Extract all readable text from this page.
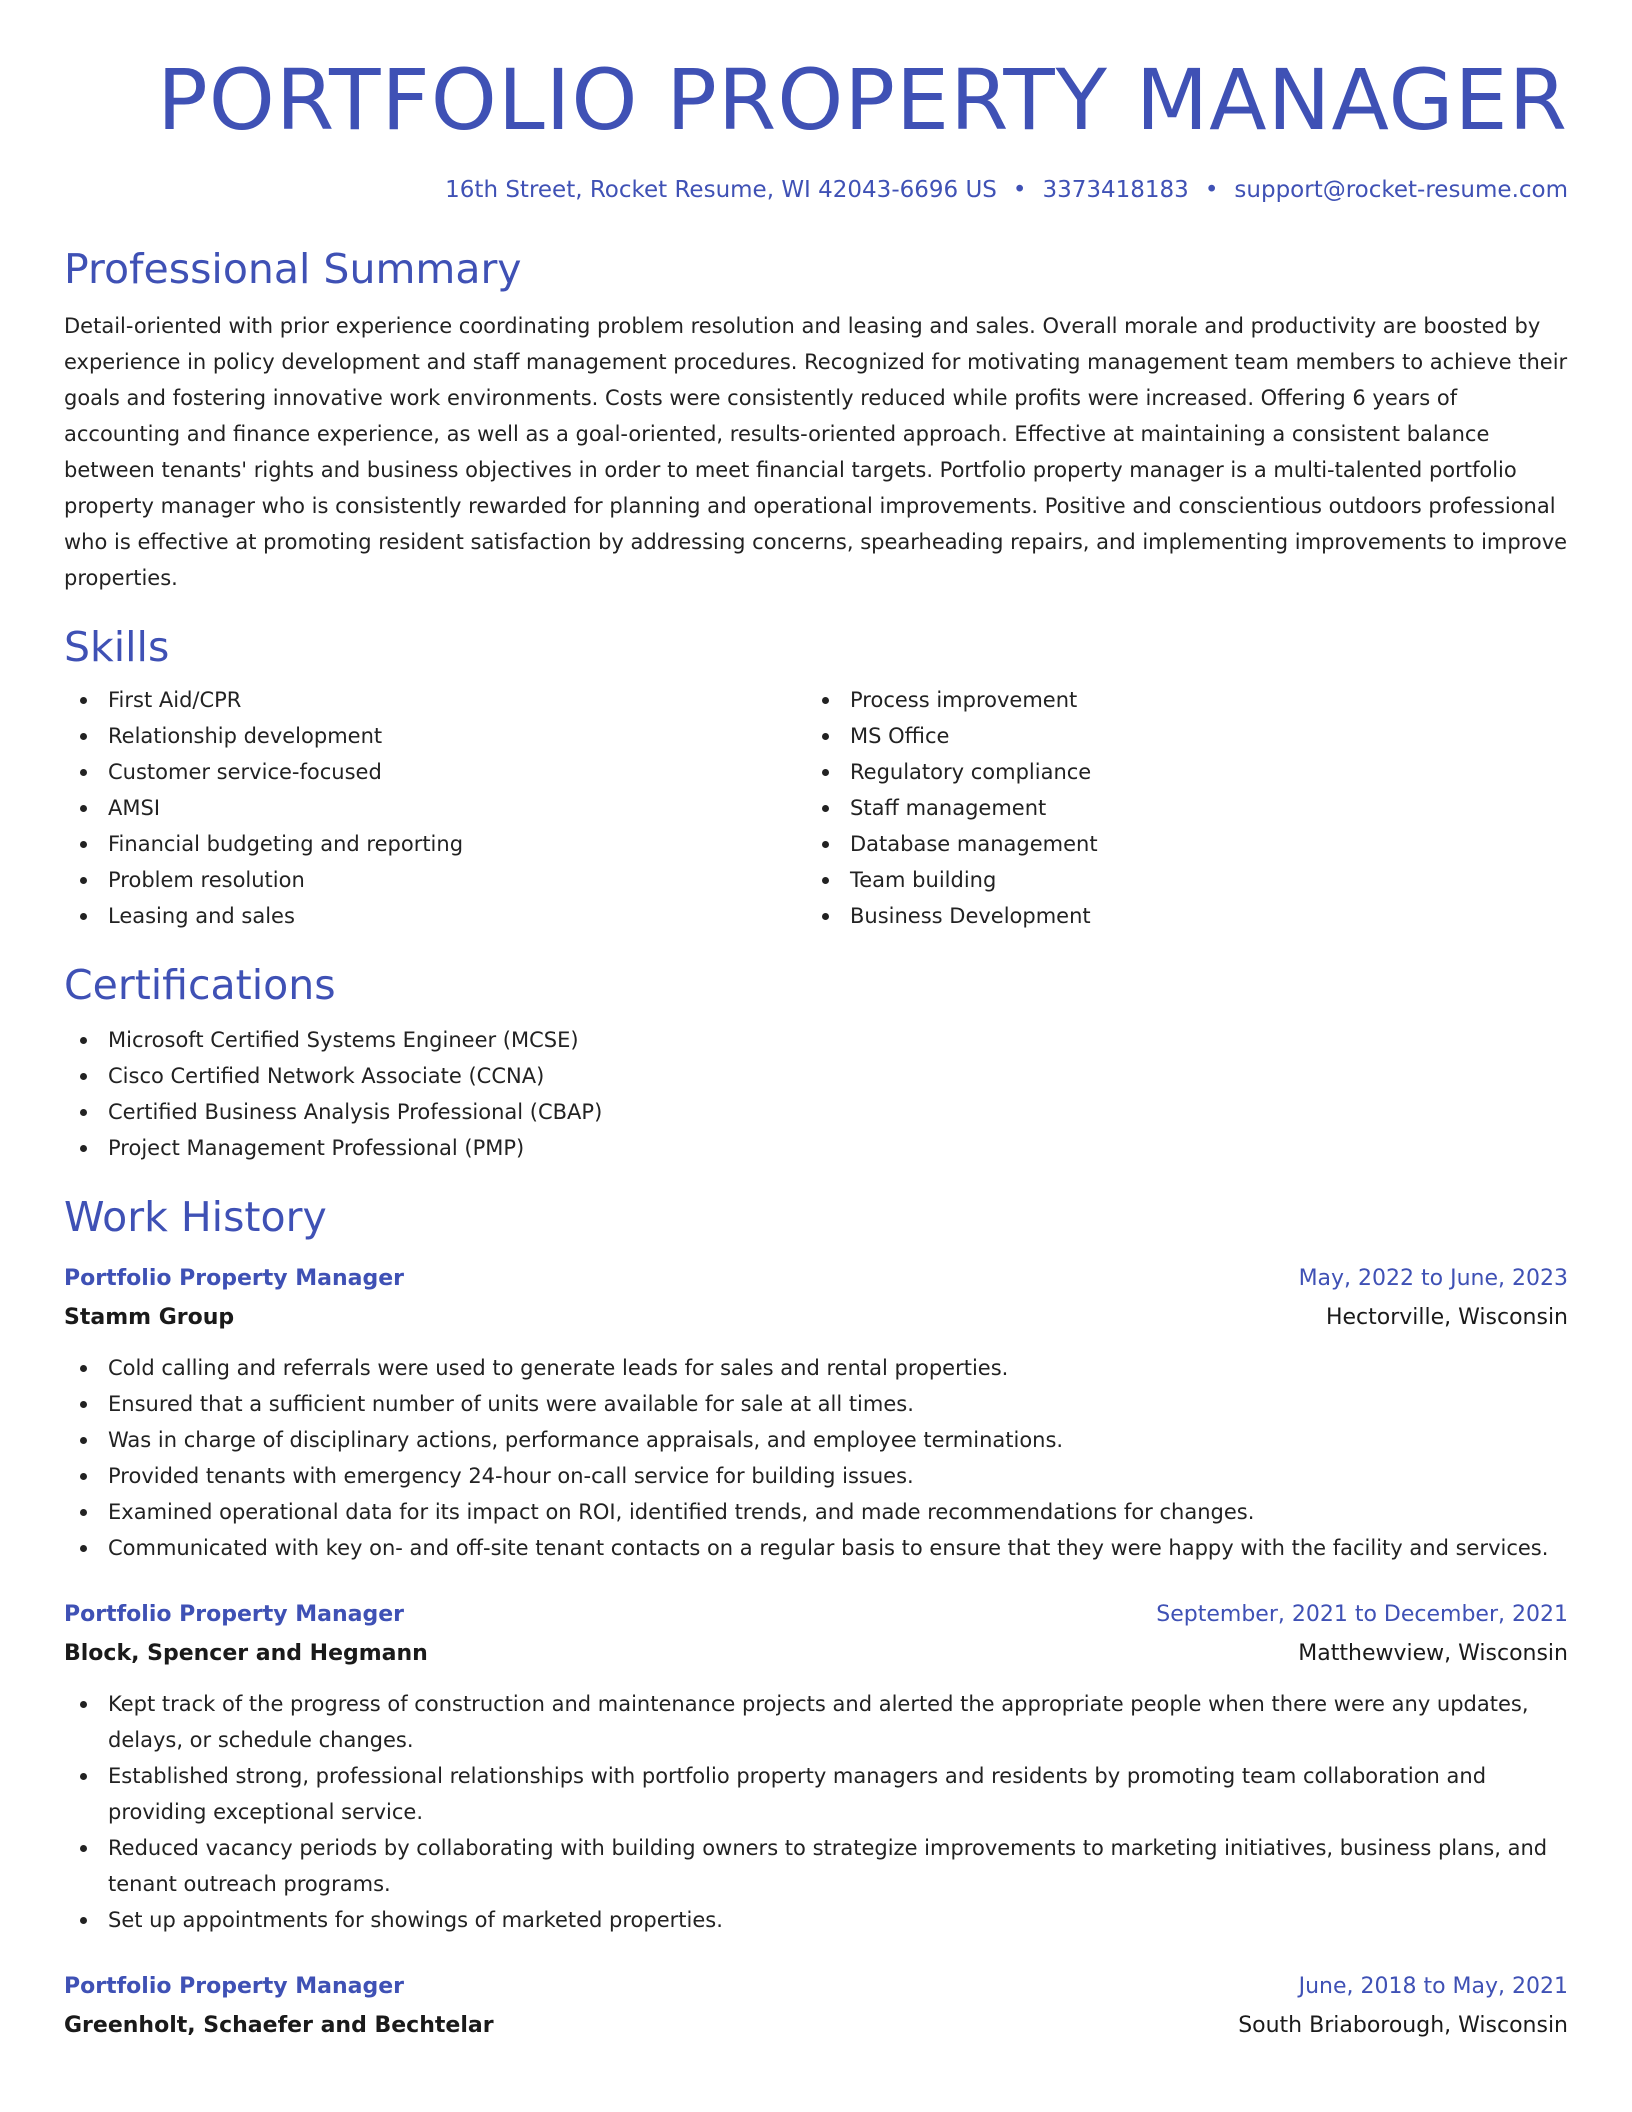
PORTFOLIO PROPERTY MANAGER
16th Street, Rocket Resume, WI 42043-6696 US • 3373418183 • support@rocket-resume.com
Professional Summary
Detail-oriented with prior experience coordinating problem resolution and leasing and sales. Overall morale and productivity are boosted by experience in policy development and staff management procedures. Recognized for motivating management team members to achieve their goals and fostering innovative work environments. Costs were consistently reduced while profits were increased. Offering 6 years of accounting and finance experience, as well as a goal-oriented, results-oriented approach. Effective at maintaining a consistent balance between tenants' rights and business objectives in order to meet financial targets. Portfolio property manager is a multi-talented portfolio property manager who is consistently rewarded for planning and operational improvements. Positive and conscientious outdoors professional who is effective at promoting resident satisfaction by addressing concerns, spearheading repairs, and implementing improvements to improve properties.
Skills
First Aid/CPR
Relationship development
Customer service-focused
AMSI
Financial budgeting and reporting
Problem resolution
Leasing and sales
Process improvement
MS Office
Regulatory compliance
Staff management
Database management
Team building
Business Development
Certifications
Microsoft Certified Systems Engineer (MCSE)
Cisco Certified Network Associate (CCNA)
Certified Business Analysis Professional (CBAP)
Project Management Professional (PMP)
Work History
Portfolio Property Manager	May, 2022 to June, 2023
Stamm Group	Hectorville, Wisconsin
Cold calling and referrals were used to generate leads for sales and rental properties.
Ensured that a sufficient number of units were available for sale at all times.
Was in charge of disciplinary actions, performance appraisals, and employee terminations.
Provided tenants with emergency 24-hour on-call service for building issues.
Examined operational data for its impact on ROI, identified trends, and made recommendations for changes.
Communicated with key on- and off-site tenant contacts on a regular basis to ensure that they were happy with the facility and services.
Portfolio Property Manager	September, 2021 to December, 2021
Block, Spencer and Hegmann	Matthewview, Wisconsin
Kept track of the progress of construction and maintenance projects and alerted the appropriate people when there were any updates, delays, or schedule changes.
Established strong, professional relationships with portfolio property managers and residents by promoting team collaboration and providing exceptional service.
Reduced vacancy periods by collaborating with building owners to strategize improvements to marketing initiatives, business plans, and tenant outreach programs.
Set up appointments for showings of marketed properties.
Portfolio Property Manager	June, 2018 to May, 2021
Greenholt, Schaefer and Bechtelar	South Briaborough, Wisconsin
